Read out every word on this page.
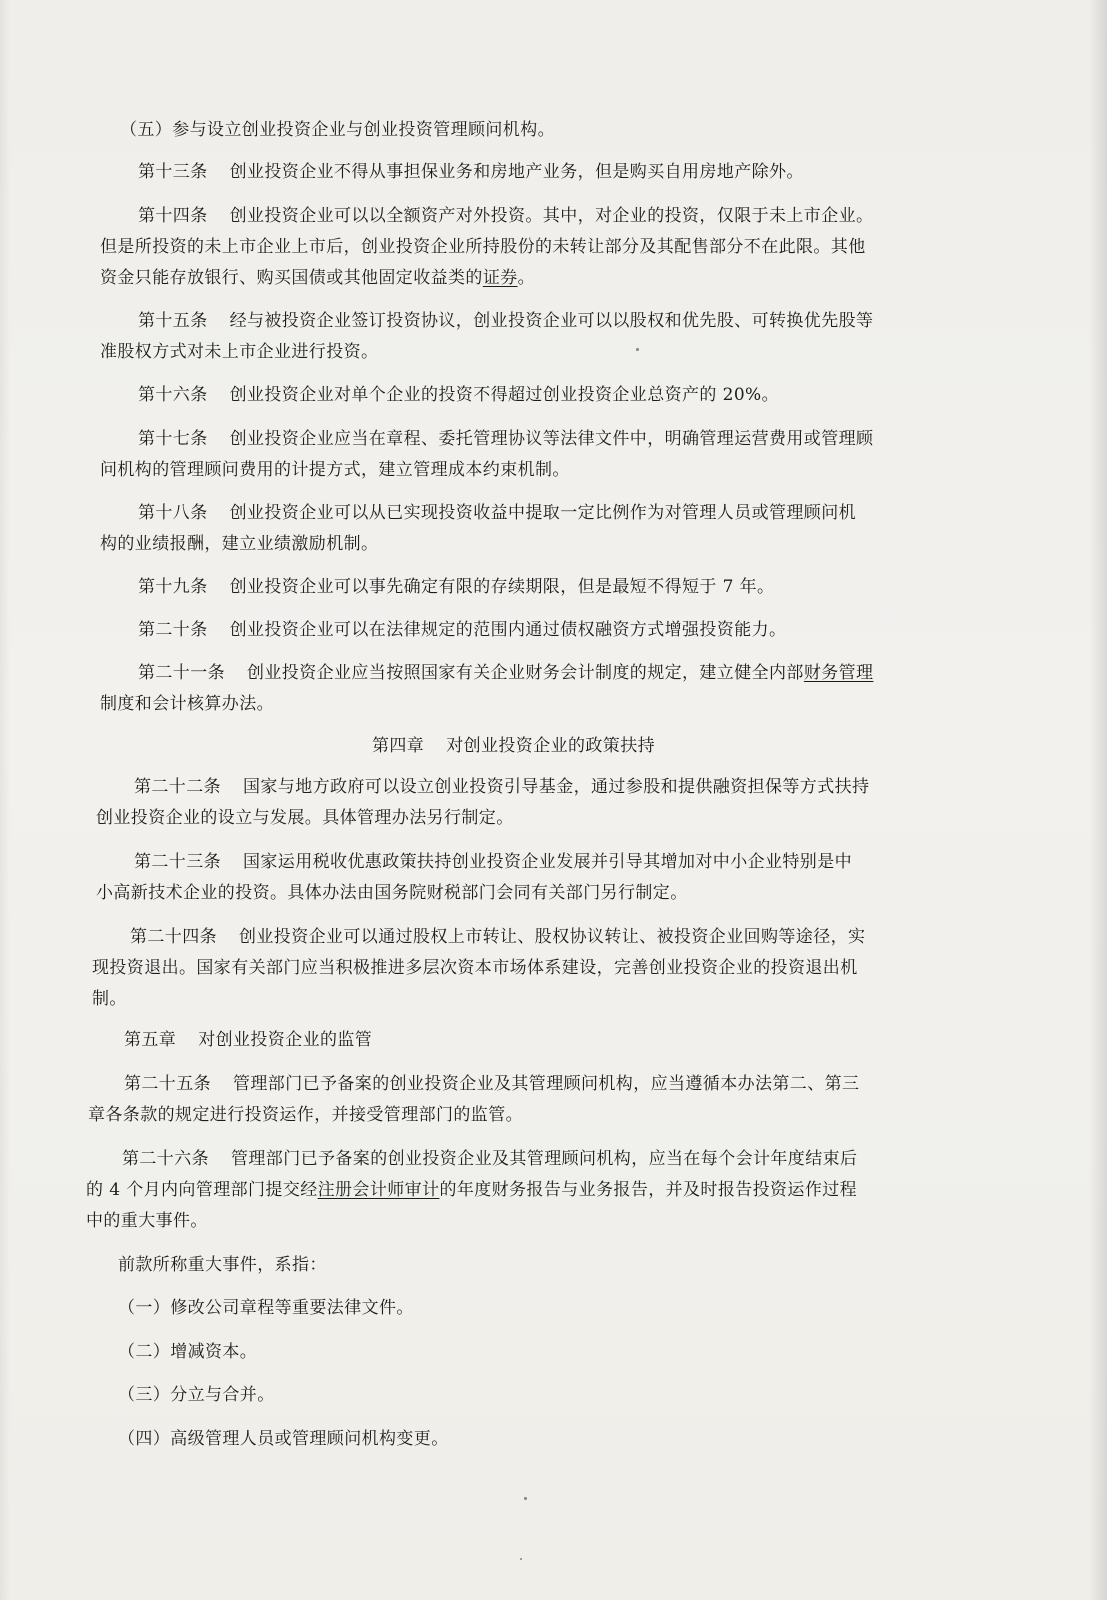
（五）参与设立创业投资企业与创业投资管理顾问机构。
第十三条 创业投资企业不得从事担保业务和房地产业务，但是购买自用房地产除外。
第十四条 创业投资企业可以以全额资产对外投资。其中，对企业的投资，仅限于未上市企业。
但是所投资的未上市企业上市后，创业投资企业所持股份的未转让部分及其配售部分不在此限。其他
资金只能存放银行、购买国债或其他固定收益类的证券。
第十五条 经与被投资企业签订投资协议，创业投资企业可以以股权和优先股、可转换优先股等
准股权方式对未上市企业进行投资。
第十六条 创业投资企业对单个企业的投资不得超过创业投资企业总资产的 20%。
第十七条 创业投资企业应当在章程、委托管理协议等法律文件中，明确管理运营费用或管理顾
问机构的管理顾问费用的计提方式，建立管理成本约束机制。
第十八条 创业投资企业可以从已实现投资收益中提取一定比例作为对管理人员或管理顾问机
构的业绩报酬，建立业绩激励机制。
第十九条 创业投资企业可以事先确定有限的存续期限，但是最短不得短于 7 年。
第二十条 创业投资企业可以在法律规定的范围内通过债权融资方式增强投资能力。
第二十一条 创业投资企业应当按照国家有关企业财务会计制度的规定，建立健全内部财务管理
制度和会计核算办法。
第四章 对创业投资企业的政策扶持
第二十二条 国家与地方政府可以设立创业投资引导基金，通过参股和提供融资担保等方式扶持
创业投资企业的设立与发展。具体管理办法另行制定。
第二十三条 国家运用税收优惠政策扶持创业投资企业发展并引导其增加对中小企业特别是中
小高新技术企业的投资。具体办法由国务院财税部门会同有关部门另行制定。
第二十四条 创业投资企业可以通过股权上市转让、股权协议转让、被投资企业回购等途径，实
现投资退出。国家有关部门应当积极推进多层次资本市场体系建设，完善创业投资企业的投资退出机
制。
第五章 对创业投资企业的监管
第二十五条 管理部门已予备案的创业投资企业及其管理顾问机构，应当遵循本办法第二、第三
章各条款的规定进行投资运作，并接受管理部门的监管。
第二十六条 管理部门已予备案的创业投资企业及其管理顾问机构，应当在每个会计年度结束后
的 4 个月内向管理部门提交经注册会计师审计的年度财务报告与业务报告，并及时报告投资运作过程
中的重大事件。
前款所称重大事件，系指：
（一）修改公司章程等重要法律文件。
（二）增减资本。
（三）分立与合并。
（四）高级管理人员或管理顾问机构变更。
